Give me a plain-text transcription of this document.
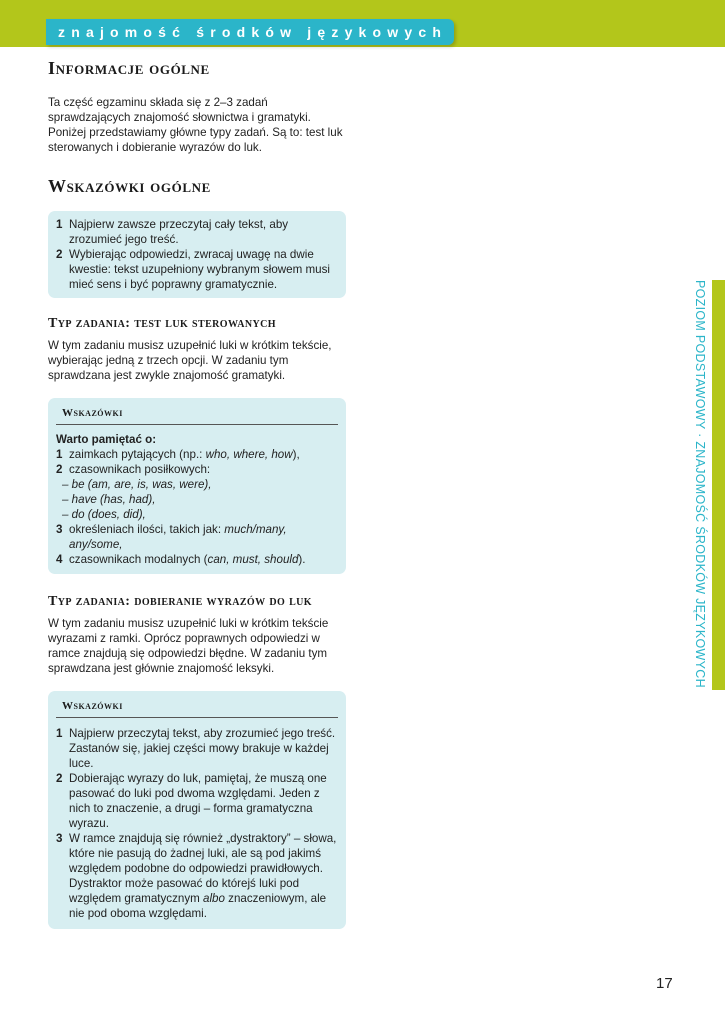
znajomość środków językowych
POZIOM PODSTAWOWY · ZNAJOMOŚĆ ŚRODKÓW JĘZYKOWYCH
Informacje ogólne

Ta część egzaminu składa się z 2–3 zadań sprawdzających znajomość słownictwa i gramatyki. Poniżej przedstawiamy główne typy zadań. Są to: test luk sterowanych i dobieranie wyrazów do luk.

Wskazówki ogólne
1 Najpierw zawsze przeczytaj cały tekst, aby zrozumieć jego treść.
2 Wybierając odpowiedzi, zwracaj uwagę na dwie kwestie: tekst uzupełniony wybranym słowem musi mieć sens i być poprawny gramatycznie.
Typ zadania: test luk sterowanych

W tym zadaniu musisz uzupełnić luki w krótkim tekście, wybierając jedną z trzech opcji. W zadaniu tym sprawdzana jest zwykle znajomość gramatyki.

Wskazówki
Warto pamiętać o:
1 zaimkach pytających (np.: who, where, how),
2 czasownikach posiłkowych:
– be (am, are, is, was, were),
– have (has, had),
– do (does, did),
3 określeniach ilości, takich jak: much/many, any/some,
4 czasownikach modalnych (can, must, should).
Typ zadania: dobieranie wyrazów do luk

W tym zadaniu musisz uzupełnić luki w krótkim tekście wyrazami z ramki. Oprócz poprawnych odpowiedzi w ramce znajdują się odpowiedzi błędne. W zadaniu tym sprawdzana jest głównie znajomość leksyki.

Wskazówki
1 Najpierw przeczytaj tekst, aby zrozumieć jego treść. Zastanów się, jakiej części mowy brakuje w każdej luce.
2 Dobierając wyrazy do luk, pamiętaj, że muszą one pasować do luki pod dwoma względami. Jeden z nich to znaczenie, a drugi – forma gramatyczna wyrazu.
3 W ramce znajdują się również „dystraktory” – słowa, które nie pasują do żadnej luki, ale są pod jakimś względem podobne do odpowiedzi prawidłowych. Dystraktor może pasować do którejś luki pod względem gramatycznym albo znaczeniowym, ale nie pod oboma względami.
17
